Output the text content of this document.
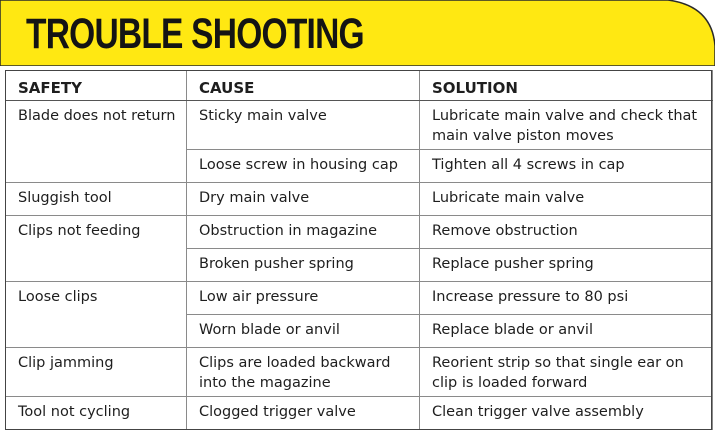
TROUBLE SHOOTING
SAFETY	CAUSE	SOLUTION
Blade does not return	Sticky main valve	Lubricate main valve and check that main valve piston moves
	Loose screw in housing cap	Tighten all 4 screws in cap
Sluggish tool	Dry main valve	Lubricate main valve
Clips not feeding	Obstruction in magazine	Remove obstruction
	Broken pusher spring	Replace pusher spring
Loose clips	Low air pressure	Increase pressure to 80 psi
	Worn blade or anvil	Replace blade or anvil
Clip jamming	Clips are loaded backward into the magazine	Reorient strip so that single ear on clip is loaded forward
Tool not cycling	Clogged trigger valve	Clean trigger valve assembly
